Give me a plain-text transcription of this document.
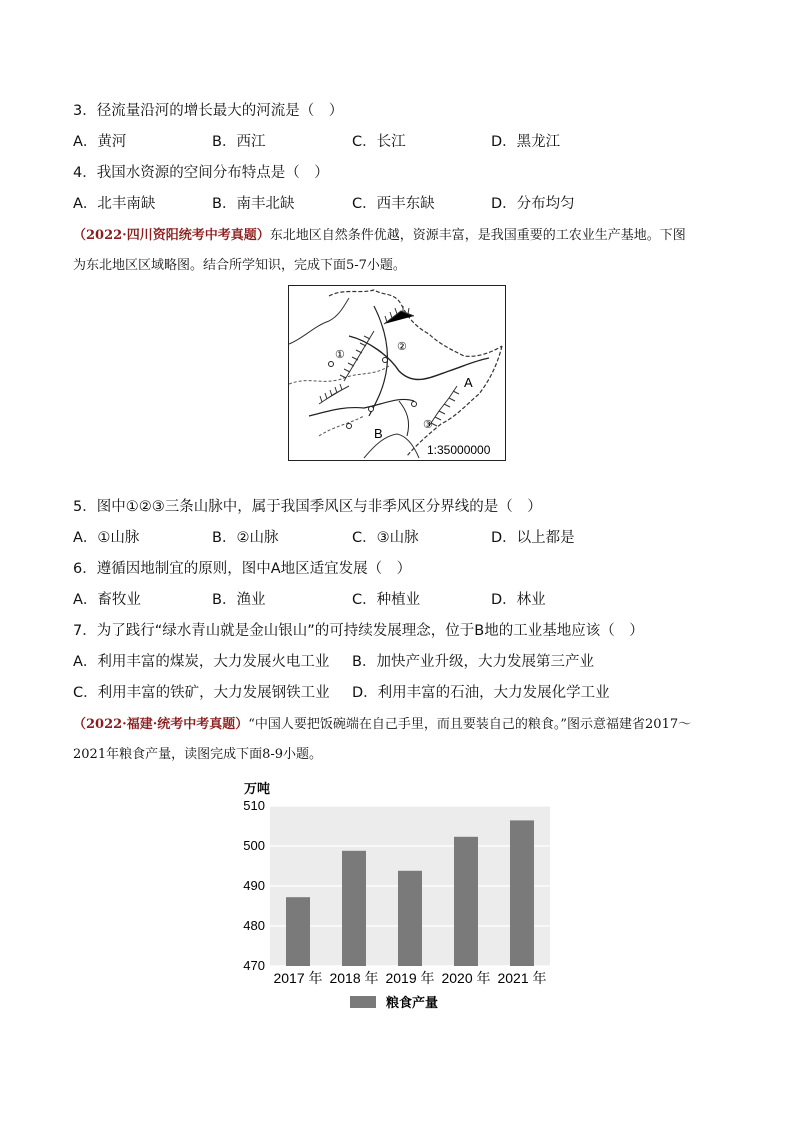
3．径流量沿河的增长最大的河流是（　）
A．黄河	B．西江	C．长江	D．黑龙江
4．我国水资源的空间分布特点是（　）
A．北丰南缺	B．南丰北缺	C．西丰东缺	D．分布均匀
（2022·四川资阳统考中考真题）东北地区自然条件优越，资源丰富，是我国重要的工农业生产基地。下图
为东北地区区域略图。结合所学知识，完成下面5-7小题。
①
②
③
A
B
1:35000000
5．图中①②③三条山脉中，属于我国季风区与非季风区分界线的是（　）
A．①山脉	B．②山脉	C．③山脉	D．以上都是
6．遵循因地制宜的原则，图中A地区适宜发展（　）
A．畜牧业	B．渔业	C．种植业	D．林业
7．为了践行“绿水青山就是金山银山”的可持续发展理念，位于B地的工业基地应该（　）
A．利用丰富的煤炭，大力发展火电工业 B．加快产业升级，大力发展第三产业
C．利用丰富的铁矿，大力发展钢铁工业 D．利用丰富的石油，大力发展化学工业
（2022·福建·统考中考真题）“中国人要把饭碗端在自己手里，而且要装自己的粮食。”图示意福建省2017～
2021年粮食产量，读图完成下面8-9小题。
万吨
470
480
490
500
510
2017 年 2018 年 2019 年 2020 年 2021 年
粮食产量
